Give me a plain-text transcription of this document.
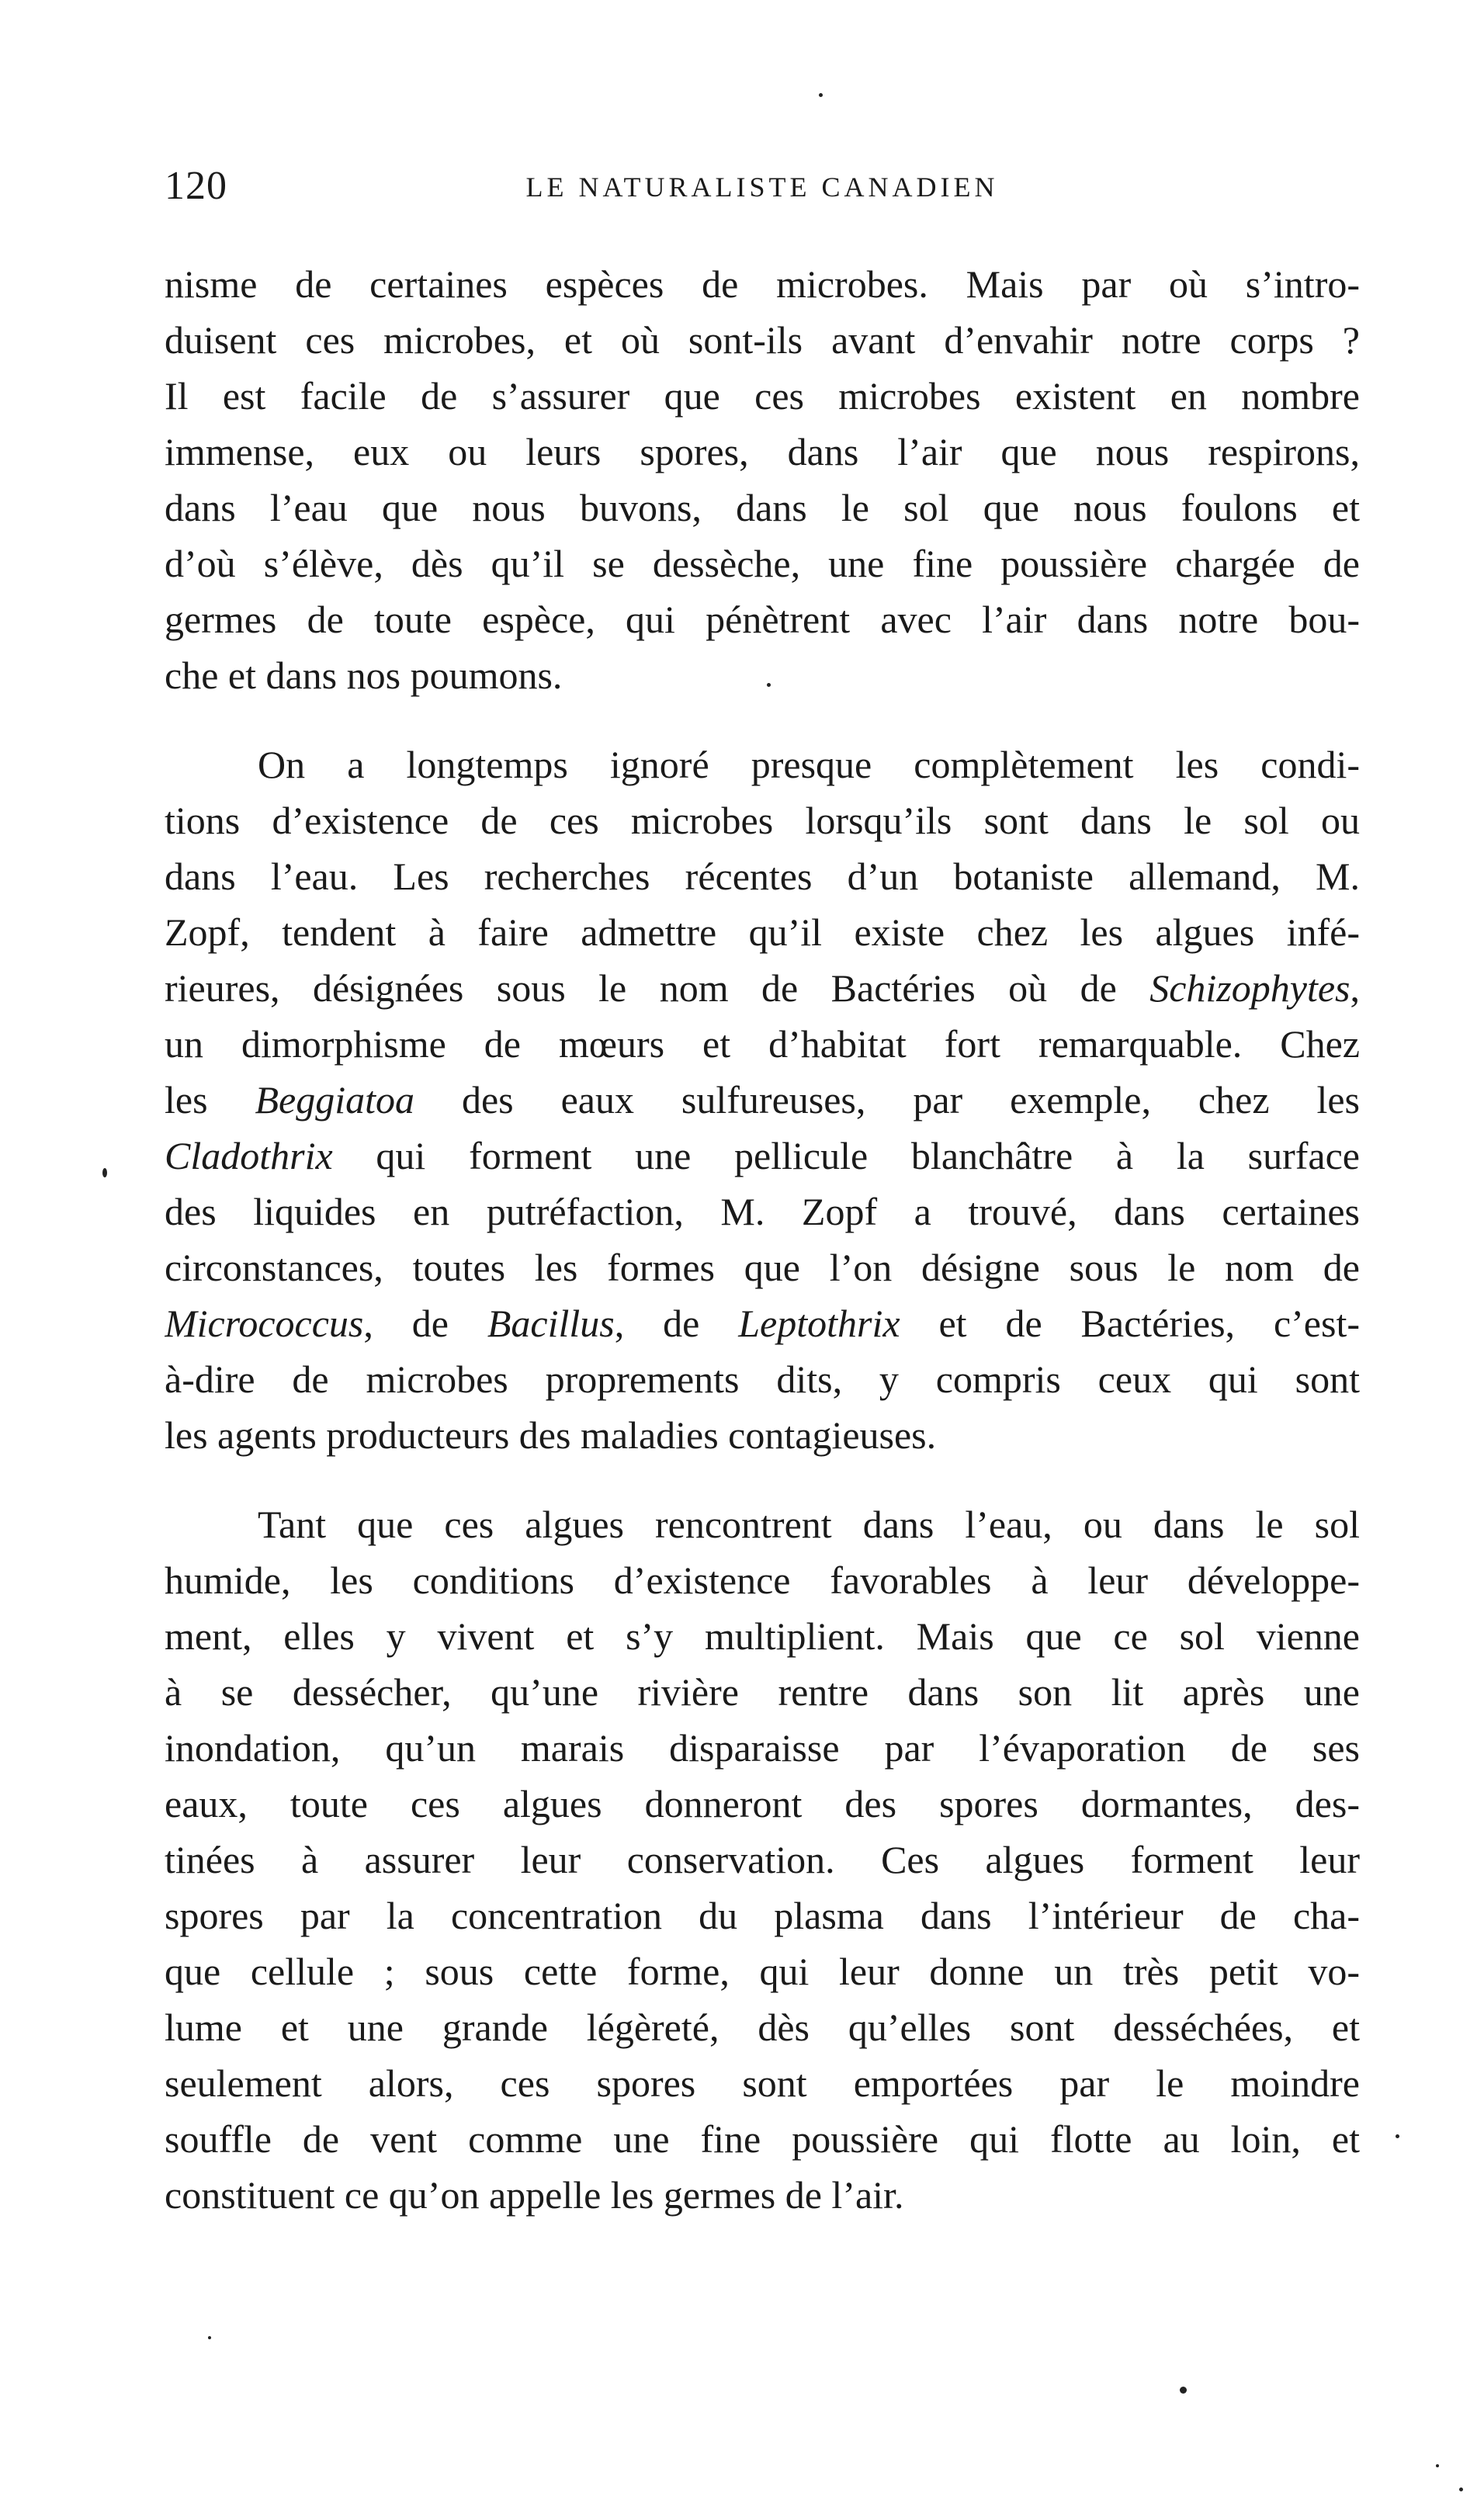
120	LE NATURALISTE CANADIEN
nisme de certaines espèces de microbes. Mais par où s’intro-
duisent ces microbes, et où sont-ils avant d’envahir notre corps ?
Il est facile de s’assurer que ces microbes existent en nombre
immense, eux ou leurs spores, dans l’air que nous respirons,
dans l’eau que nous buvons, dans le sol que nous foulons et
d’où s’élève, dès qu’il se dessèche, une fine poussière chargée de
germes de toute espèce, qui pénètrent avec l’air dans notre bou-
che et dans nos poumons.
On a longtemps ignoré presque complètement les condi-
tions d’existence de ces microbes lorsqu’ils sont dans le sol ou
dans l’eau. Les recherches récentes d’un botaniste allemand, M.
Zopf, tendent à faire admettre qu’il existe chez les algues infé-
rieures, désignées sous le nom de Bactéries où de Schizophytes,
un dimorphisme de mœurs et d’habitat fort remarquable. Chez
les Beggiatoa des eaux sulfureuses, par exemple, chez les
Cladothrix qui forment une pellicule blanchâtre à la surface
des liquides en putréfaction, M. Zopf a trouvé, dans certaines
circonstances, toutes les formes que l’on désigne sous le nom de
Micrococcus, de Bacillus, de Leptothrix et de Bactéries, c’est-
à-dire de microbes proprements dits, y compris ceux qui sont
les agents producteurs des maladies contagieuses.
Tant que ces algues rencontrent dans l’eau, ou dans le sol
humide, les conditions d’existence favorables à leur développe-
ment, elles y vivent et s’y multiplient. Mais que ce sol vienne
à se dessécher, qu’une rivière rentre dans son lit après une
inondation, qu’un marais disparaisse par l’évaporation de ses
eaux, toute ces algues donneront des spores dormantes, des-
tinées à assurer leur conservation. Ces algues forment leur
spores par la concentration du plasma dans l’intérieur de cha-
que cellule ; sous cette forme, qui leur donne un très petit vo-
lume et une grande légèreté, dès qu’elles sont desséchées, et
seulement alors, ces spores sont emportées par le moindre
souffle de vent comme une fine poussière qui flotte au loin, et
constituent ce qu’on appelle les germes de l’air.
